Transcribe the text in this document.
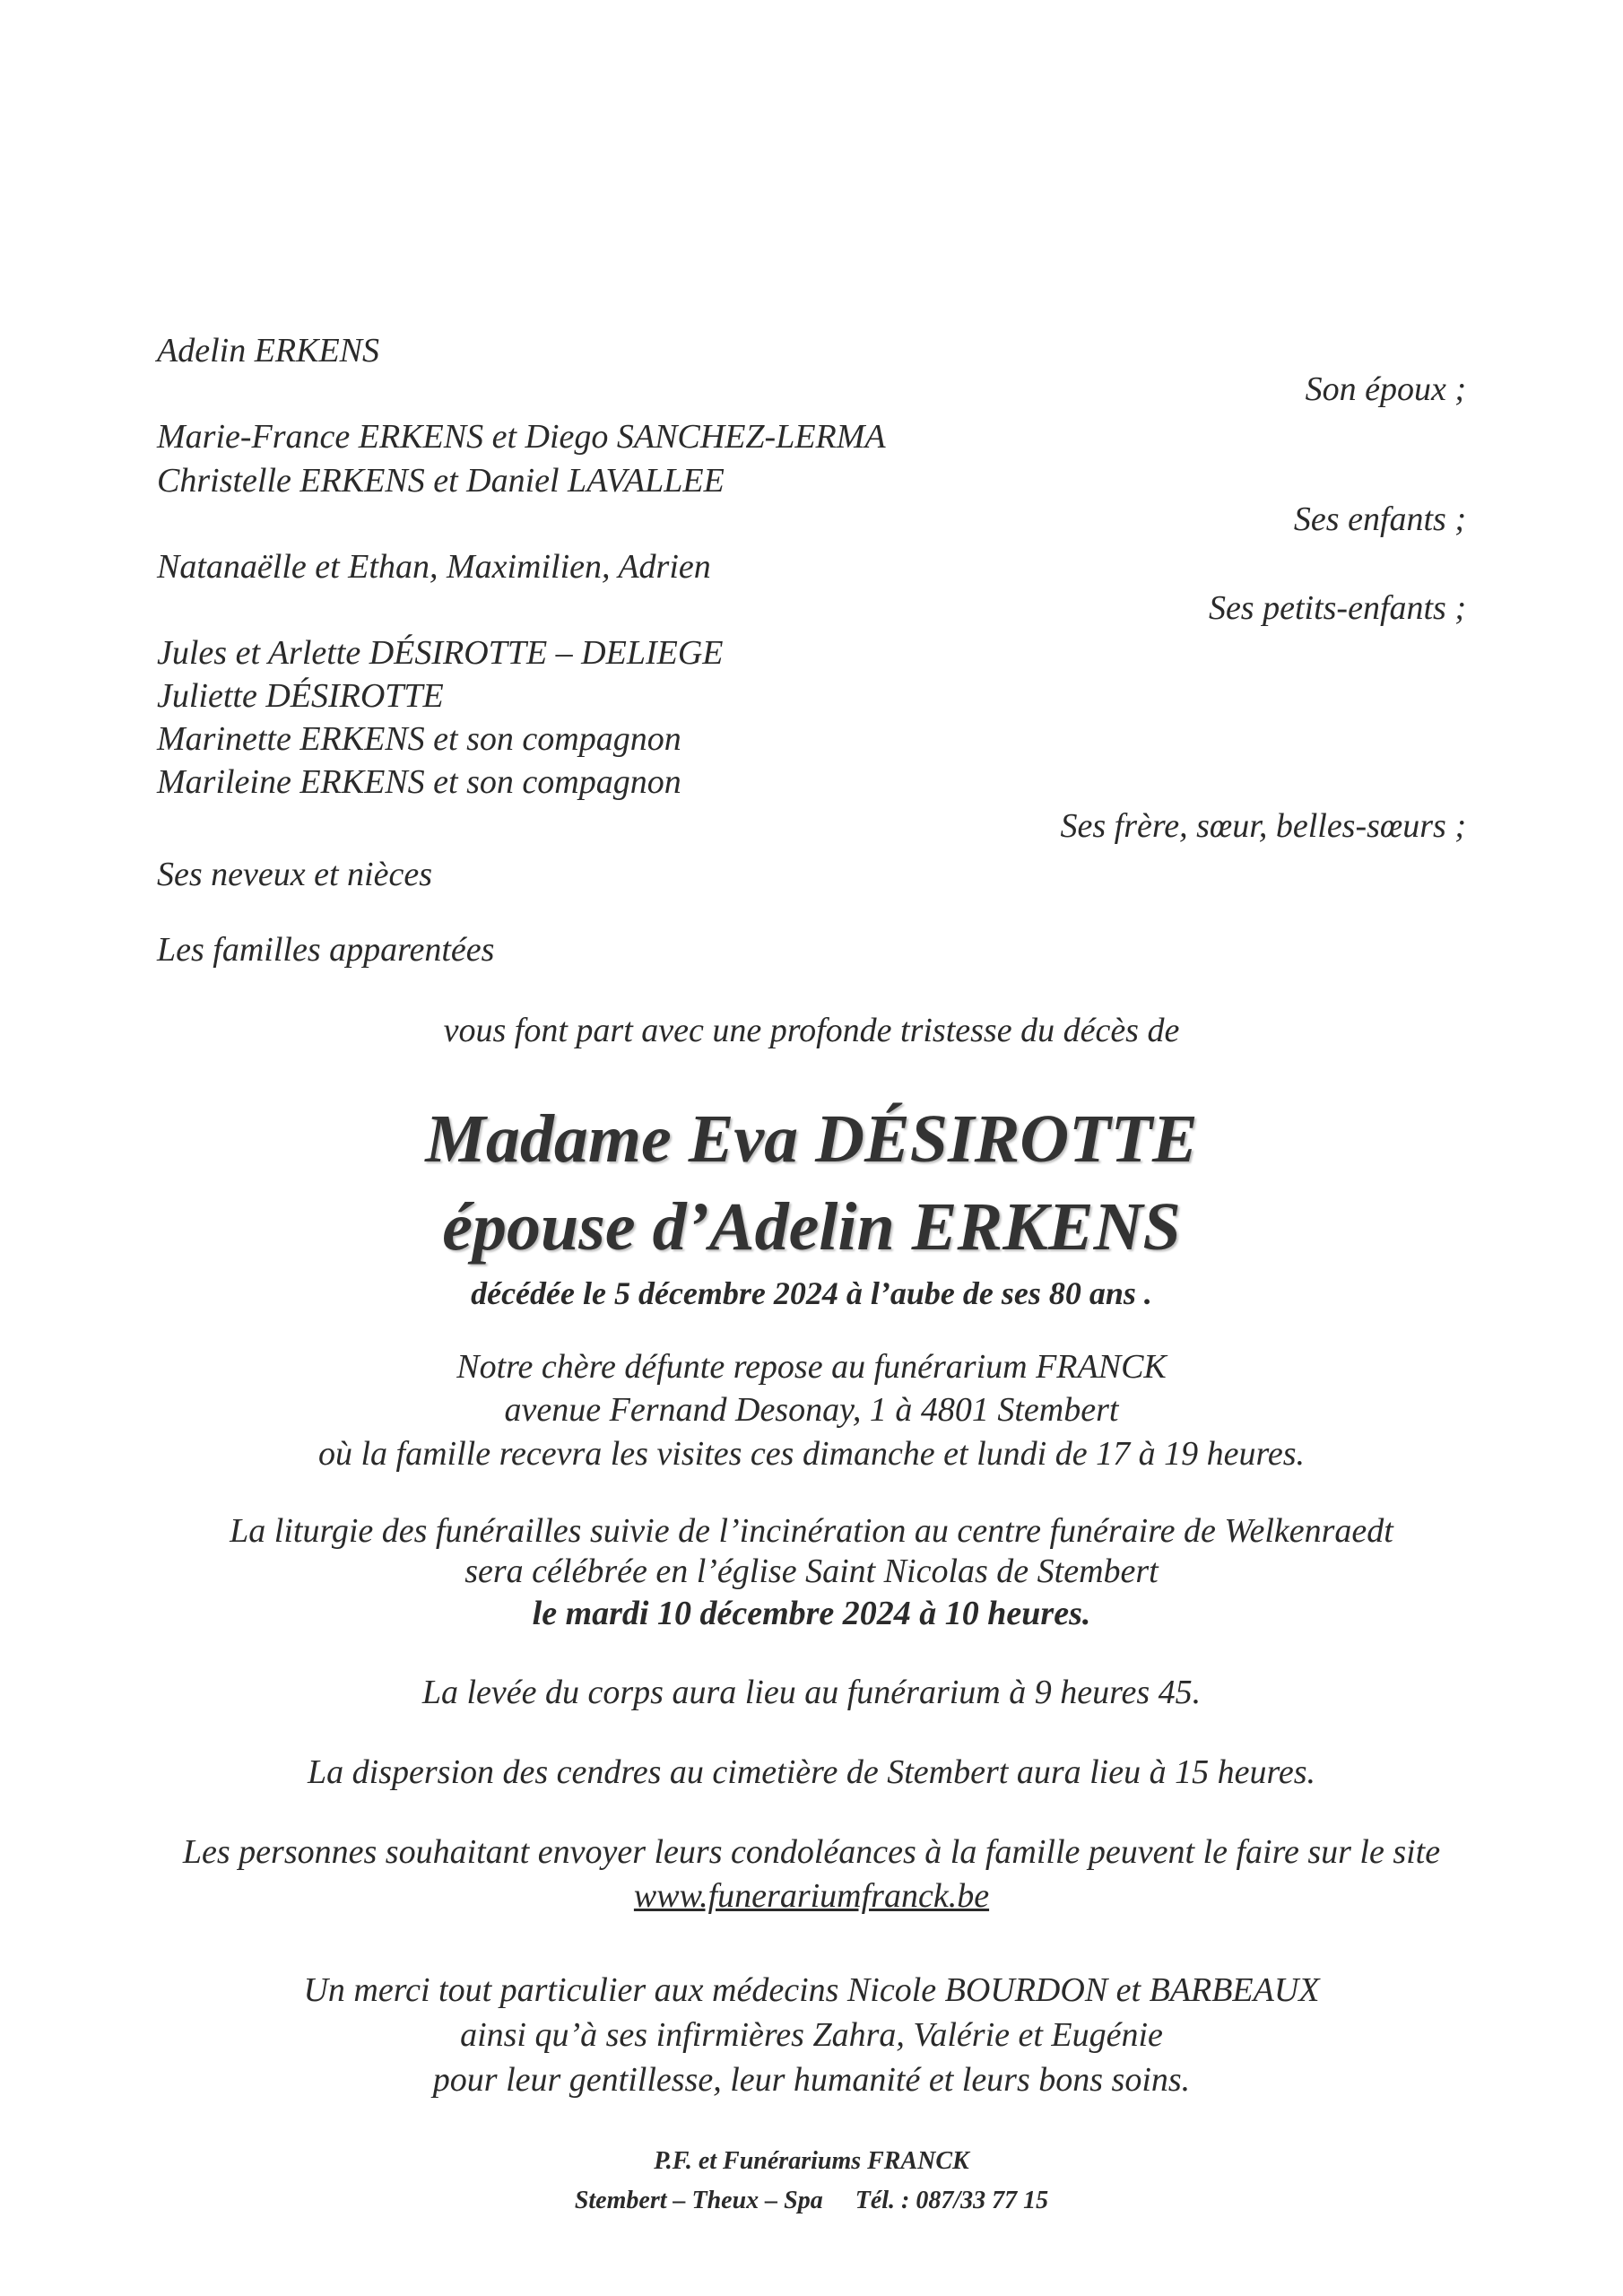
Adelin ERKENS
Marie-France ERKENS et Diego SANCHEZ-LERMA
Christelle ERKENS et Daniel LAVALLEE
Natanaëlle et Ethan, Maximilien, Adrien
Jules et Arlette DÉSIROTTE – DELIEGE
Juliette DÉSIROTTE
Marinette ERKENS et son compagnon
Marileine ERKENS et son compagnon
Ses neveux et nièces
Les familles apparentées
Son époux ;
Ses enfants ;
Ses petits-enfants ;
Ses frère, sœur, belles-sœurs ;
vous font part avec une profonde tristesse du décès de
Madame Eva DÉSIROTTE
épouse d’Adelin ERKENS
décédée le 5 décembre 2024 à l’aube de ses 80 ans .
Notre chère défunte repose au funérarium FRANCK
avenue Fernand Desonay, 1 à 4801 Stembert
où la famille recevra les visites ces dimanche et lundi de 17 à 19 heures.
La liturgie des funérailles suivie de l’incinération au centre funéraire de Welkenraedt
sera célébrée en l’église Saint Nicolas de Stembert
le mardi 10 décembre 2024 à 10 heures.
La levée du corps aura lieu au funérarium à 9 heures 45.
La dispersion des cendres au cimetière de Stembert aura lieu à 15 heures.
Les personnes souhaitant envoyer leurs condoléances à la famille peuvent le faire sur le site
www.funerariumfranck.be
Un merci tout particulier aux médecins Nicole BOURDON et BARBEAUX
ainsi qu’à ses infirmières Zahra, Valérie et Eugénie
pour leur gentillesse, leur humanité et leurs bons soins.
P.F. et Funérariums FRANCK
Stembert – Theux – Spa Tél. : 087/33 77 15
